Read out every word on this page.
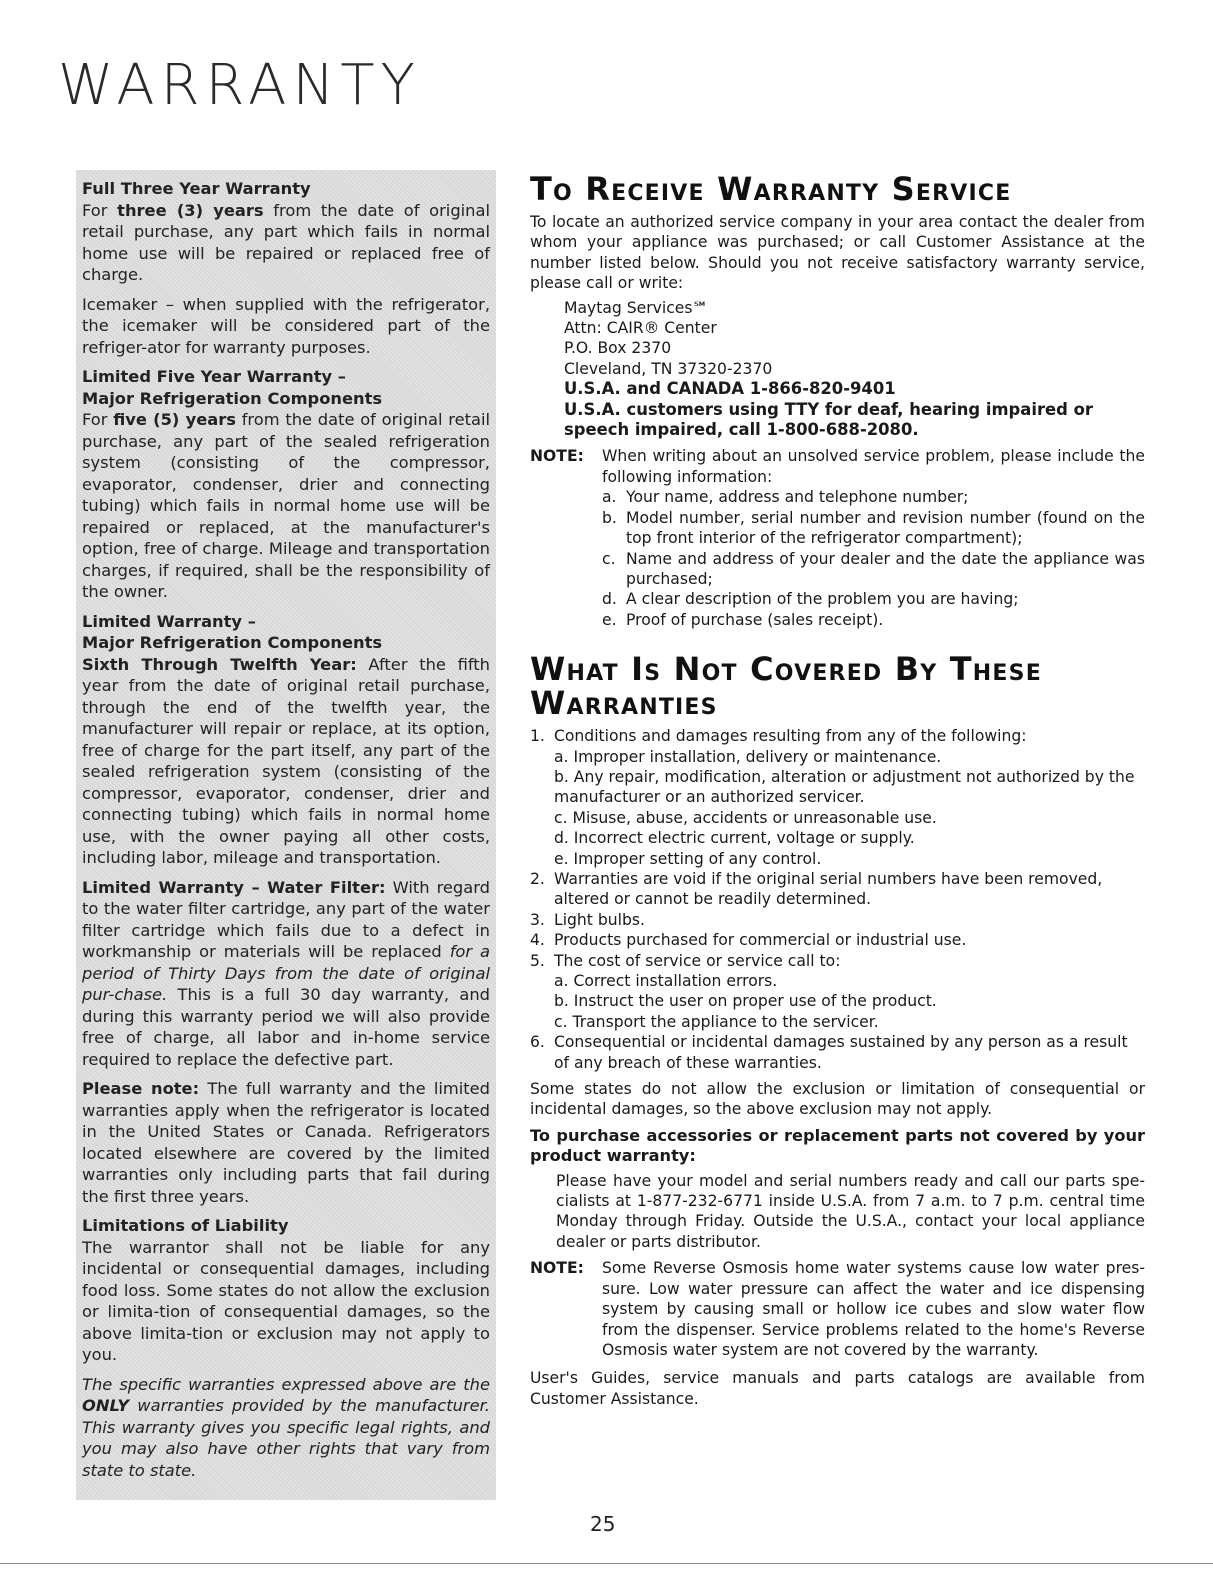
WARRANTY

Full Three Year Warranty

For three (3) years from the date of original retail purchase, any part which fails in normal home use will be repaired or replaced free of charge.

Icemaker – when supplied with the refrigerator, the icemaker will be considered part of the refriger-ator for warranty purposes.

Limited Five Year Warranty –

Major Refrigeration Components

For five (5) years from the date of original retail purchase, any part of the sealed refrigeration system (consisting of the compressor, evaporator, condenser, drier and connecting tubing) which fails in normal home use will be repaired or replaced, at the manufacturer's option, free of charge. Mileage and transportation charges, if required, shall be the responsibility of the owner.

Limited Warranty –

Major Refrigeration Components

Sixth Through Twelfth Year: After the fifth year from the date of original retail purchase, through the end of the twelfth year, the manufacturer will repair or replace, at its option, free of charge for the part itself, any part of the sealed refrigeration system (consisting of the compressor, evaporator, condenser, drier and connecting tubing) which fails in normal home use, with the owner paying all other costs, including labor, mileage and transportation.

Limited Warranty – Water Filter: With regard to the water filter cartridge, any part of the water filter cartridge which fails due to a defect in workmanship or materials will be replaced for a period of Thirty Days from the date of original pur-chase. This is a full 30 day warranty, and during this warranty period we will also provide free of charge, all labor and in-home service required to replace the defective part.

Please note: The full warranty and the limited warranties apply when the refrigerator is located in the United States or Canada. Refrigerators located elsewhere are covered by the limited warranties only including parts that fail during the first three years.

Limitations of Liability

The warrantor shall not be liable for any incidental or consequential damages, including food loss. Some states do not allow the exclusion or limita-tion of consequential damages, so the above limita-tion or exclusion may not apply to you.

The specific warranties expressed above are the ONLY warranties provided by the manufacturer. This warranty gives you specific legal rights, and you may also have other rights that vary from state to state.

To Receive Warranty Service

To locate an authorized service company in your area contact the dealer from whom your appliance was purchased; or call Customer Assistance at the number listed below. Should you not receive satisfactory warranty service, please call or write:

Maytag Services℠
Attn: CAIR® Center
P.O. Box 2370
Cleveland, TN 37320-2370
U.S.A. and CANADA 1-866-820-9401
U.S.A. customers using TTY for deaf, hearing impaired or speech impaired, call 1-800-688-2080.
NOTE:	When writing about an unsolved service problem, please include the following information:
a. Your name, address and telephone number;
b. Model number, serial number and revision number (found on the top front interior of the refrigerator compartment);
c. Name and address of your dealer and the date the appliance was purchased;
d. A clear description of the problem you are having;
e. Proof of purchase (sales receipt).
What Is Not Covered By These Warranties
1. Conditions and damages resulting from any of the following:
a. Improper installation, delivery or maintenance.
b. Any repair, modification, alteration or adjustment not authorized by the manufacturer or an authorized servicer.
c. Misuse, abuse, accidents or unreasonable use.
d. Incorrect electric current, voltage or supply.
e. Improper setting of any control.
2. Warranties are void if the original serial numbers have been removed, altered or cannot be readily determined.
3. Light bulbs.
4. Products purchased for commercial or industrial use.
5. The cost of service or service call to:
a. Correct installation errors.
b. Instruct the user on proper use of the product.
c. Transport the appliance to the servicer.
6. Consequential or incidental damages sustained by any person as a result of any breach of these warranties.

Some states do not allow the exclusion or limitation of consequential or incidental damages, so the above exclusion may not apply.

To purchase accessories or replacement parts not covered by your product warranty:

Please have your model and serial numbers ready and call our parts spe-cialists at 1-877-232-6771 inside U.S.A. from 7 a.m. to 7 p.m. central time Monday through Friday. Outside the U.S.A., contact your local appliance dealer or parts distributor.

NOTE:	Some Reverse Osmosis home water systems cause low water pres-sure. Low water pressure can affect the water and ice dispensing system by causing small or hollow ice cubes and slow water flow from the dispenser. Service problems related to the home's Reverse Osmosis water system are not covered by the warranty.

User's Guides, service manuals and parts catalogs are available from Customer Assistance.

25
